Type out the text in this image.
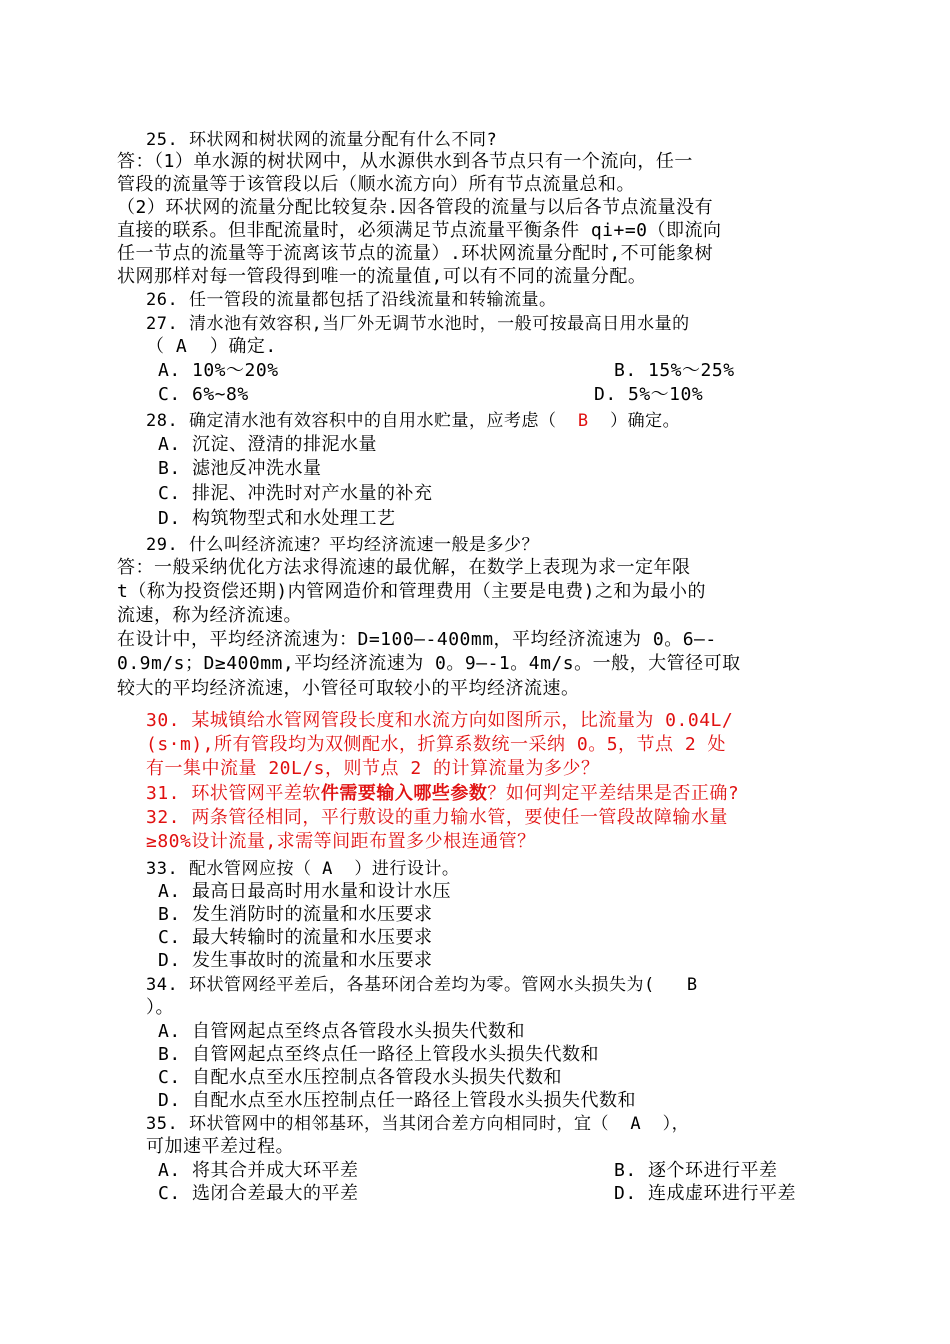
25. 环状网和树状网的流量分配有什么不同?
答：（1）单水源的树状网中，从水源供水到各节点只有一个流向，任一
管段的流量等于该管段以后（顺水流方向）所有节点流量总和。
（2）环状网的流量分配比较复杂.因各管段的流量与以后各节点流量没有
直接的联系。但非配流量时，必须满足节点流量平衡条件 qi+=0（即流向
任一节点的流量等于流离该节点的流量）.环状网流量分配时,不可能象树
状网那样对每一管段得到唯一的流量值,可以有不同的流量分配。
26. 任一管段的流量都包括了沿线流量和转输流量。
27. 清水池有效容积,当厂外无调节水池时，一般可按最高日用水量的
（ A  ）确定.
A. 10%～20%	B. 15%～25%
C. 6%~8%	D. 5%～10%
28. 确定清水池有效容积中的自用水贮量，应考虑（  B  ）确定。
A. 沉淀、澄清的排泥水量
B. 滤池反冲洗水量
C. 排泥、冲洗时对产水量的补充
D. 构筑物型式和水处理工艺
29. 什么叫经济流速？平均经济流速一般是多少？
答：一般采纳优化方法求得流速的最优解，在数学上表现为求一定年限
t（称为投资偿还期)内管网造价和管理费用（主要是电费)之和为最小的
流速，称为经济流速。
在设计中，平均经济流速为：D=100—-400mm，平均经济流速为 0。6—-
0.9m/s；D≥400mm,平均经济流速为 0。9—-1。4m/s。一般，大管径可取
较大的平均经济流速，小管径可取较小的平均经济流速。
30. 某城镇给水管网管段长度和水流方向如图所示，比流量为 0.04L/
(s·m),所有管段均为双侧配水，折算系数统一采纳 0。5，节点 2 处
有一集中流量 20L/s，则节点 2 的计算流量为多少？
31. 环状管网平差软件需要输入哪些参数？如何判定平差结果是否正确?
32. 两条管径相同，平行敷设的重力输水管，要使任一管段故障输水量
≥80%设计流量,求需等间距布置多少根连通管？
33. 配水管网应按（ A  ）进行设计。
A. 最高日最高时用水量和设计水压
B. 发生消防时的流量和水压要求
C. 最大转输时的流量和水压要求
D. 发生事故时的流量和水压要求
34. 环状管网经平差后，各基环闭合差均为零。管网水头损失为(   B
）。
A. 自管网起点至终点各管段水头损失代数和
B. 自管网起点至终点任一路径上管段水头损失代数和
C. 自配水点至水压控制点各管段水头损失代数和
D. 自配水点至水压控制点任一路径上管段水头损失代数和
35. 环状管网中的相邻基环，当其闭合差方向相同时，宜（  A  ），
可加速平差过程。
A. 将其合并成大环平差	B. 逐个环进行平差
C. 选闭合差最大的平差	D. 连成虚环进行平差
